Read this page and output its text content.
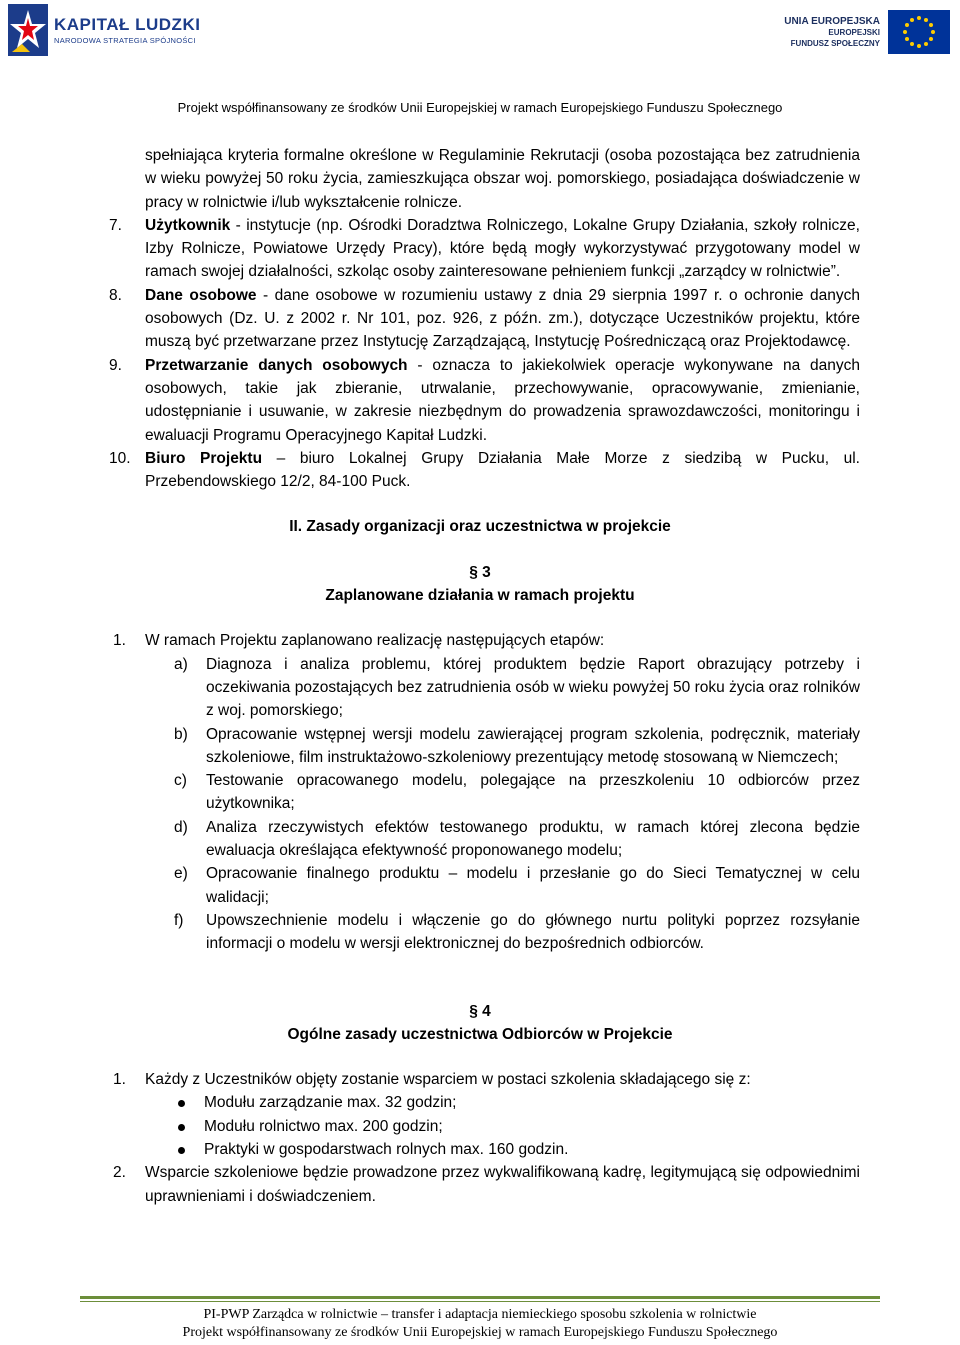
KAPITAŁ LUDZKI
NARODOWA STRATEGIA SPÓJNOŚCI
UNIA EUROPEJSKA
EUROPEJSKI
FUNDUSZ SPOŁECZNY
Projekt współfinansowany ze środków Unii Europejskiej w ramach Europejskiego Funduszu Społecznego
spełniająca kryteria formalne określone w Regulaminie Rekrutacji (osoba pozostająca bez zatrudnienia w wieku powyżej 50 roku życia, zamieszkująca obszar woj. pomorskiego, posiadająca doświadczenie w pracy w rolnictwie i/lub wykształcenie rolnicze.
7. Użytkownik - instytucje (np. Ośrodki Doradztwa Rolniczego, Lokalne Grupy Działania, szkoły rolnicze, Izby Rolnicze, Powiatowe Urzędy Pracy), które będą mogły wykorzystywać przygotowany model w ramach swojej działalności, szkoląc osoby zainteresowane pełnieniem funkcji „zarządcy w rolnictwie”.
8. Dane osobowe - dane osobowe w rozumieniu ustawy z dnia 29 sierpnia 1997 r. o ochronie danych osobowych (Dz. U. z 2002 r. Nr 101, poz. 926, z późn. zm.), dotyczące Uczestników projektu, które muszą być przetwarzane przez Instytucję Zarządzającą, Instytucję Pośredniczącą oraz Projektodawcę.
9. Przetwarzanie danych osobowych - oznacza to jakiekolwiek operacje wykonywane na danych osobowych, takie jak zbieranie, utrwalanie, przechowywanie, opracowywanie, zmienianie, udostępnianie i usuwanie, w zakresie niezbędnym do prowadzenia sprawozdawczości, monitoringu i ewaluacji Programu Operacyjnego Kapitał Ludzki.
10. Biuro Projektu – biuro Lokalnej Grupy Działania Małe Morze z siedzibą w Pucku, ul. Przebendowskiego 12/2, 84-100 Puck.
II. Zasady organizacji oraz uczestnictwa w projekcie
§ 3
Zaplanowane działania w ramach projektu
1. W ramach Projektu zaplanowano realizację następujących etapów:
a) Diagnoza i analiza problemu, której produktem będzie Raport obrazujący potrzeby i oczekiwania pozostających bez zatrudnienia osób w wieku powyżej 50 roku życia oraz rolników z woj. pomorskiego;
b) Opracowanie wstępnej wersji modelu zawierającej program szkolenia, podręcznik, materiały szkoleniowe, film instruktażowo-szkoleniowy prezentujący metodę stosowaną w Niemczech;
c) Testowanie opracowanego modelu, polegające na przeszkoleniu 10 odbiorców przez użytkownika;
d) Analiza rzeczywistych efektów testowanego produktu, w ramach której zlecona będzie ewaluacja określająca efektywność proponowanego modelu;
e) Opracowanie finalnego produktu – modelu i przesłanie go do Sieci Tematycznej w celu walidacji;
f) Upowszechnienie modelu i włączenie go do głównego nurtu polityki poprzez rozsyłanie informacji o modelu w wersji elektronicznej do bezpośrednich odbiorców.
§ 4
Ogólne zasady uczestnictwa Odbiorców w Projekcie
1. Każdy z Uczestników objęty zostanie wsparciem w postaci szkolenia składającego się z:
Modułu zarządzanie max. 32 godzin;
Modułu rolnictwo max. 200 godzin;
Praktyki w gospodarstwach rolnych max. 160 godzin.
2. Wsparcie szkoleniowe będzie prowadzone przez wykwalifikowaną kadrę, legitymującą się odpowiednimi uprawnieniami i doświadczeniem.
PI-PWP Zarządca w rolnictwie – transfer i adaptacja niemieckiego sposobu szkolenia w rolnictwie
Projekt współfinansowany ze środków Unii Europejskiej w ramach Europejskiego Funduszu Społecznego
